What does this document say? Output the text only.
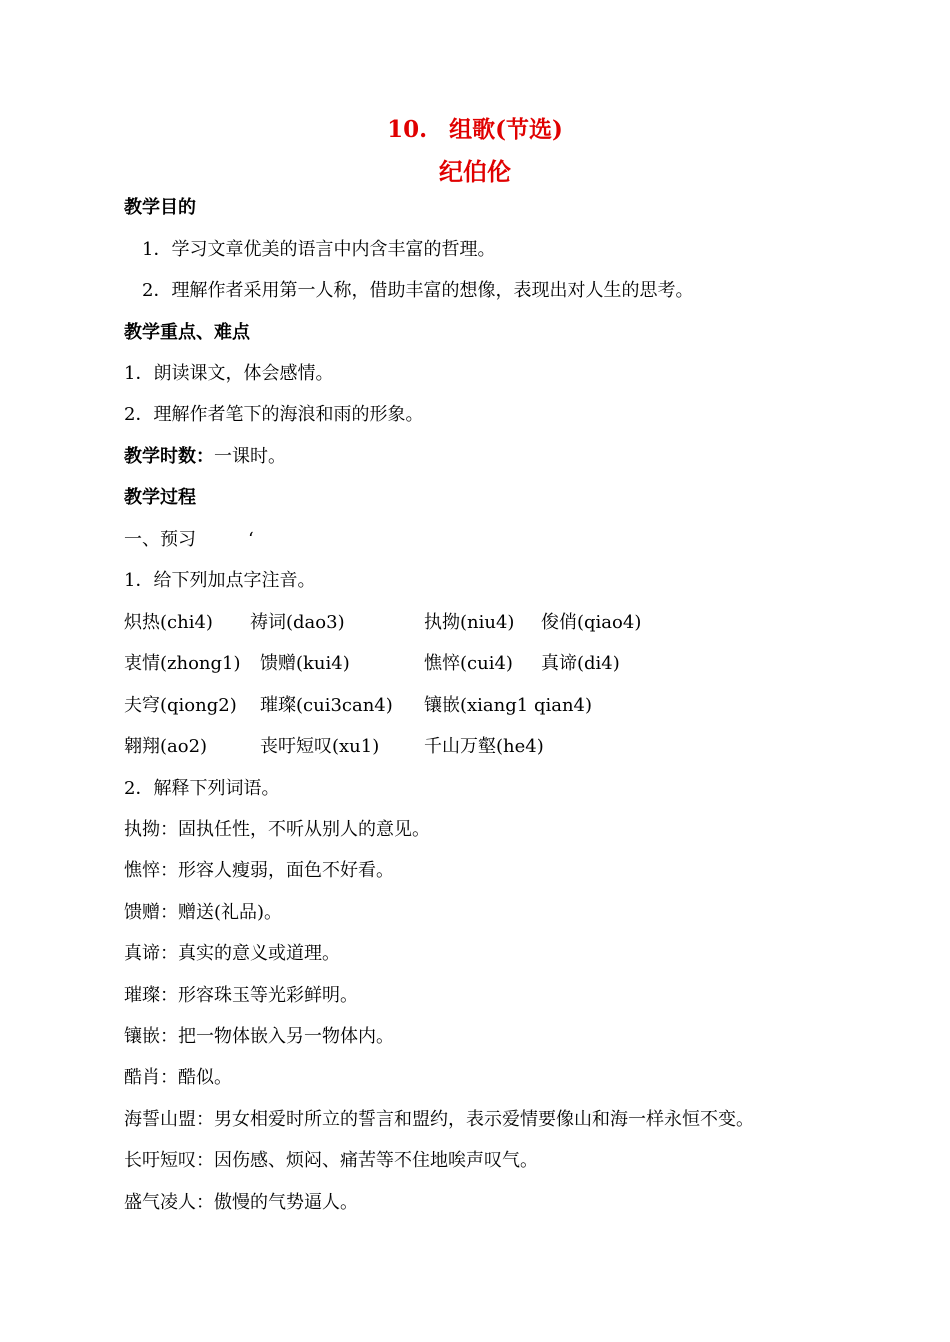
10. 组歌(节选)
纪伯伦
教学目的
1．学习文章优美的语言中内含丰富的哲理。
2．理解作者采用第一人称，借助丰富的想像，表现出对人生的思考。
教学重点、难点
1．朗读课文，体会感情。
2．理解作者笔下的海浪和雨的形象。
教学时数：一课时。
教学过程
一、预习	‘
1．给下列加点字注音。
炽热(chi4) 祷词(dao3)	执拗(niu4) 俊俏(qiao4)
衷情(zhong1) 馈赠(kui4)	憔悴(cui4) 真谛(di4)
夫穹(qiong2) 璀璨(cui3can4) 镶嵌(xiang1 qian4)
翱翔(ao2)	丧吁短叹(xu1) 千山万壑(he4)
2．解释下列词语。
执拗：固执任性，不听从别人的意见。
憔悴：形容人瘦弱，面色不好看。
馈赠：赠送(礼品)。
真谛：真实的意义或道理。
璀璨：形容珠玉等光彩鲜明。
镶嵌：把一物体嵌入另一物体内。
酷肖：酷似。
海誓山盟：男女相爱时所立的誓言和盟约，表示爱情要像山和海一样永恒不变。
长吁短叹：因伤感、烦闷、痛苦等不住地唉声叹气。
盛气凌人：傲慢的气势逼人。
